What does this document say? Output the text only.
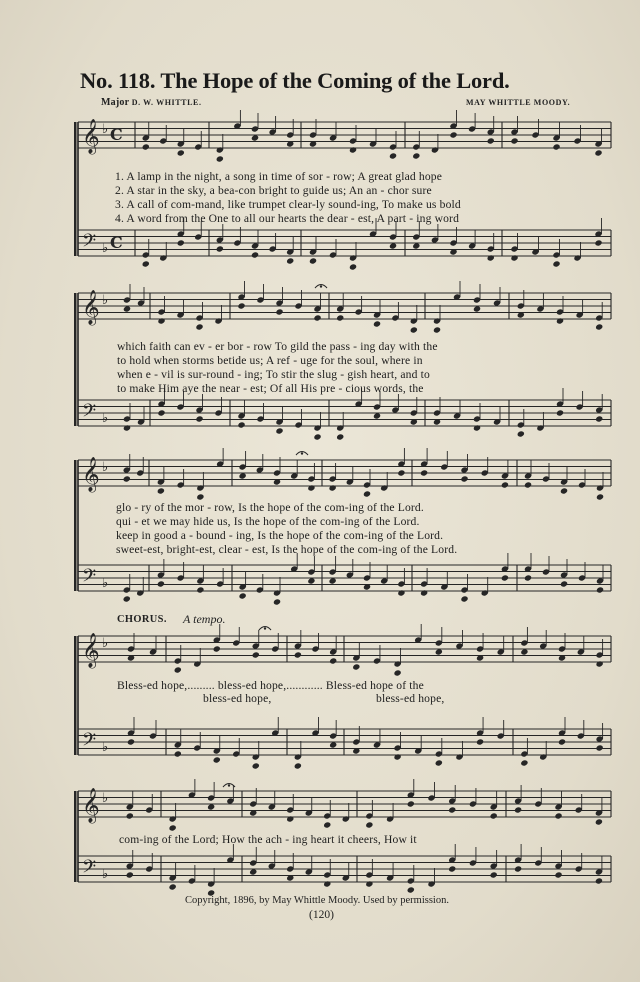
No. 118. The Hope of the Coming of the Lord.
Major D. W. WHITTLE.	MAY WHITTLE MOODY.
𝄞
𝄢
♭
♭
𝄞
𝄢
♭
♭
𝄞
𝄢
♭
♭
𝄞
𝄢
♭
♭
𝄞
𝄢
♭
♭
C
C
1. A lamp in the night, a song in time of sor - row; A great glad hope
2. A star in the sky, a bea-con bright to guide us; An an - chor sure
3. A call of com-mand, like trumpet clear-ly sound-ing, To make us bold
4. A word from the One to all our hearts the dear - est, A part - ing word
which faith can ev - er bor - row To gild the pass - ing day with the
to hold when storms betide us; A ref - uge for the soul, where in
when e - vil is sur-round - ing; To stir the slug - gish heart, and to
to make Him aye the near - est; Of all His pre - cious words, the
glo - ry of the mor - row, Is the hope of the com-ing of the Lord.
qui - et we may hide us, Is the hope of the com-ing of the Lord.
keep in good a - bound - ing, Is the hope of the com-ing of the Lord.
sweet-est, bright-est, clear - est, Is the hope of the com-ing of the Lord.
CHORUS. A tempo.
Bless-ed hope,......... bless-ed hope,............ Bless-ed hope of the
bless-ed hope,	bless-ed hope,
com-ing of the Lord; How the ach - ing heart it cheers, How it
Copyright, 1896, by May Whittle Moody. Used by permission.
(120)
